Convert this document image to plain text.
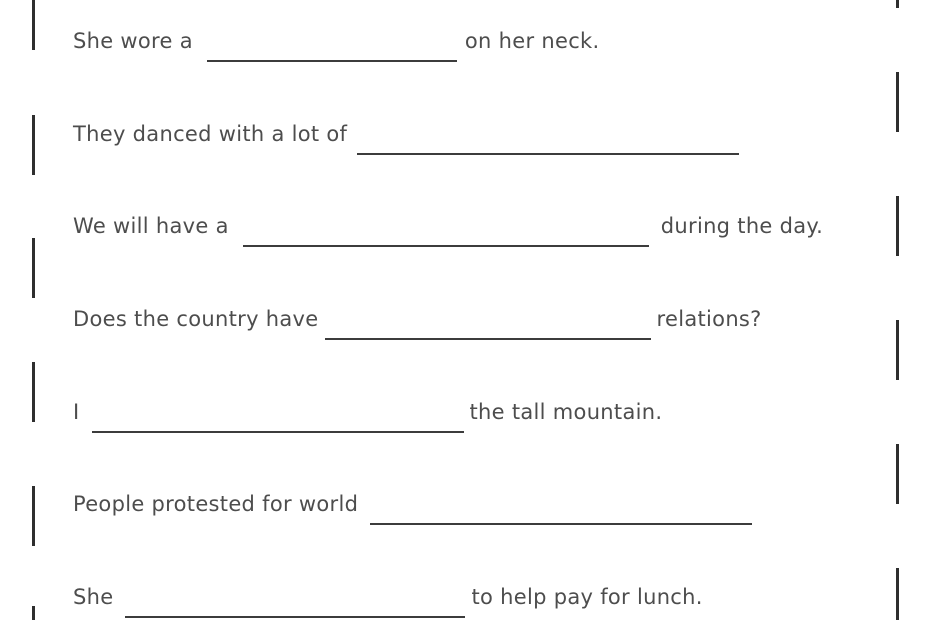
She wore a	on her neck.
They danced with a lot of
We will have a	during the day.
Does the country have	relations?
I	the tall mountain.
People protested for world
She	to help pay for lunch.
